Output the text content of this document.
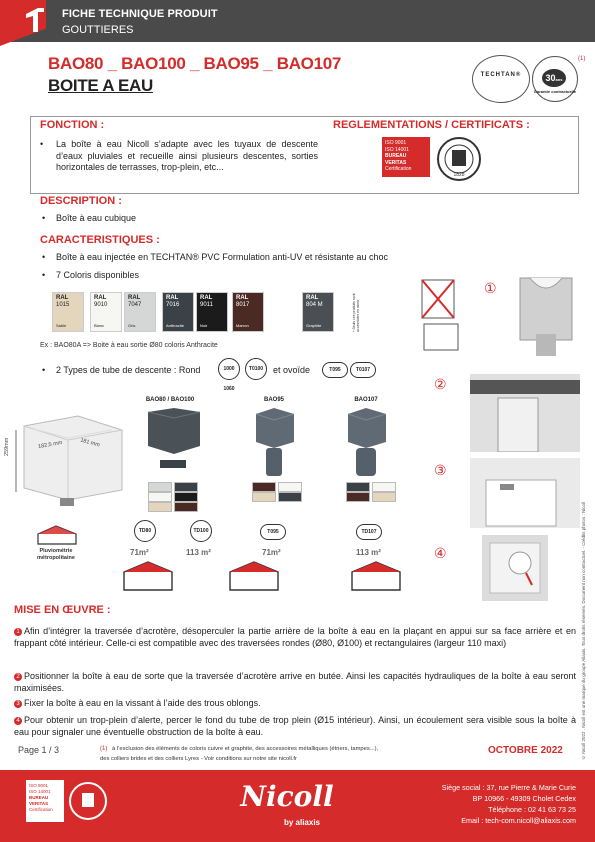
FICHE TECHNIQUE PRODUIT
GOUTTIERES
BAO80 _ BAO100 _ BAO95 _ BAO107
BOITE A EAU
TECHTAN®	30ans
Garantie contractuelle
(1)
FONCTION :
•	La boîte à eau Nicoll s’adapte avec les tuyaux de descente d’eaux pluviales et recueille ainsi plusieurs descentes, sorties horizontales de terrasses, trop-plein, etc...
REGLEMENTATIONS / CERTIFICATS :
ISO 9001
ISO 14001
BUREAU VERITAS
Certification
1828
DESCRIPTION :
• Boîte à eau cubique
CARACTERISTIQUES :
• Boîte à eau injectée en TECHTAN® PVC Formulation anti-UV et résistante au choc
• 7 Coloris disponibles
RAL
1015
Sable
RAL
9010
Blanc
RAL
7047
Gris
RAL
7016
Anthracite
RAL
9011
Noir
RAL
8017
Marron
RAL
804 M
Graphite	* Seuls ces produits sont accessibles en stock
Ex : BAO80A => Boite à eau sortie Ø80 coloris Anthracite
• 2 Types de tube de descente : Rond	1000 1060
T0100	et ovoïde	T095	T0107
①
②
③
④	© Nicoll 2022 . Nicoll est une marque du groupe Aliaxis. Tous droits réservés. Document non contractuel. - Crédits photos : Nicoll
182,5 mm	181 mm
259mm
BAO80 / BAO100	BAO95	BAO107
TD80	TD100	T095	TD107
71m²	113 m²	71m²	113 m²
Pluviométrie métropolitaine
MISE EN ŒUVRE :
1 Afin d’intégrer la traversée d’acrotère, désoperculer la partie arrière de la boîte à eau en la plaçant en appui sur sa face arrière et en frappant côté intérieur. Celle-ci est compatible avec des traversées rondes (Ø80, Ø100) et rectangulaires (largeur 110 maxi)
2 Positionner la boîte à eau de sorte que la traversée d’acrotère arrive en butée. Ainsi les capacités hydrauliques de la boîte à eau seront maximisées.
3 Fixer la boîte à eau en la vissant à l’aide des trous oblongs.
4 Pour obtenir un trop-plein d’alerte, percer le fond du tube de trop plein (Ø15 intérieur). Ainsi, un écoulement sera visible sous la boîte à eau pour signaler une éventuelle obstruction de la boîte à eau.
Page 1 / 3	(1) à l’exclusion des éléments de coloris cuivre et graphite, des accessoires métalliques (étriers, tampes...),
des colliers brides et des colliers Lyres - Voir conditions sur notre site nicoll.fr
OCTOBRE 2022
ISO 9001
ISO 14001
BUREAU VERITAS
Certification	Nicoll
by aliaxis
Siège social : 37, rue Pierre & Marie Curie
BP 10966 - 49309 Cholet Cedex
Téléphone : 02 41 63 73 25
Email : tech-com.nicoll@aliaxis.com
